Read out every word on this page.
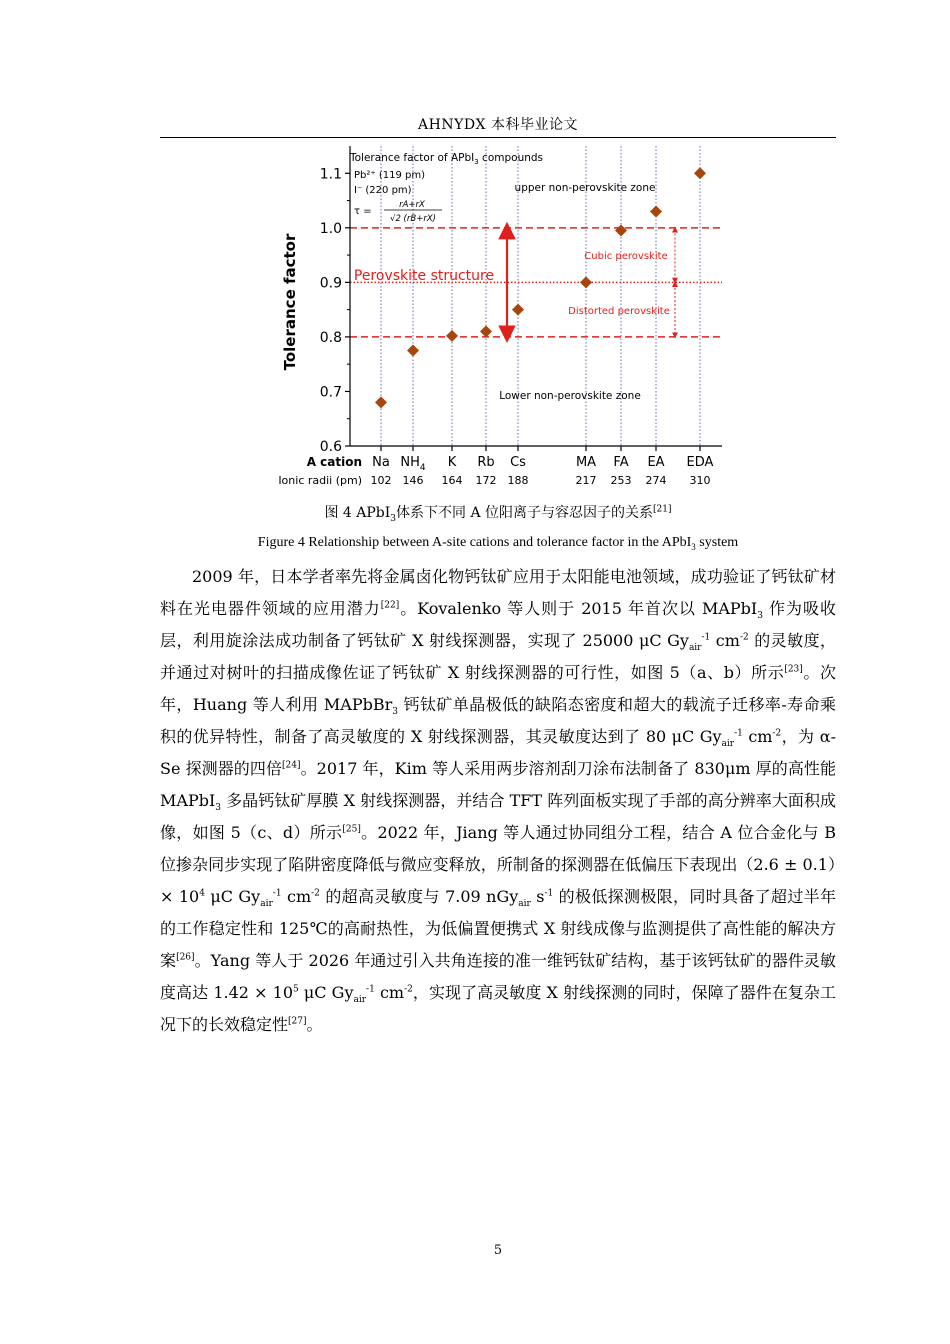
AHNYDX 本科毕业论文
0.6
0.7
0.8
0.9
1.0
1.1
Na
102
$NH_4$
146
K
164
Rb
172
Cs
188
MA
217
FA
253
EA
274
EDA
310
Tolerance factor
A cation
Ionic radii (pm)
Tolerance factor of APbI$_3$ compounds
Pb²⁺ (119 pm)
I⁻ (220 pm)
τ =
rA+rX
√2 (rB+rX)
upper non-perovskite zone
Lower non-perovskite zone
Perovskite structure
Cubic perovskite
Distorted perovskite
图 4 APbI$_3$体系下不同 A 位阳离子与容忍因子的关系[21]
Figure 4 Relationship between A-site cations and tolerance factor in the APbI$_3$ system

2009 年，日本学者率先将金属卤化物钙钛矿应用于太阳能电池领域，成功验证了钙钛矿材料在光电器件领域的应用潜力[22]。Kovalenko 等人则于 2015 年首次以 MAPbI$_3$ 作为吸收层，利用旋涂法成功制备了钙钛矿 X 射线探测器，实现了 25000 μC $Gy_{air}^{-1}$ $cm^{-2}$ 的灵敏度，并通过对树叶的扫描成像佐证了钙钛矿 X 射线探测器的可行性，如图 5（a、b）所示[23]。次年，Huang 等人利用 MAPbBr$_3$ 钙钛矿单晶极低的缺陷态密度和超大的载流子迁移率-寿命乘积的优异特性，制备了高灵敏度的 X 射线探测器，其灵敏度达到了 80 μC $Gy_{air}^{-1}$ $cm^{-2}$，为 α-Se 探测器的四倍[24]。2017 年，Kim 等人采用两步溶剂刮刀涂布法制备了 830μm 厚的高性能 MAPbI$_3$ 多晶钙钛矿厚膜 X 射线探测器，并结合 TFT 阵列面板实现了手部的高分辨率大面积成像，如图 5（c、d）所示[25]。2022 年，Jiang 等人通过协同组分工程，结合 A 位合金化与 B 位掺杂同步实现了陷阱密度降低与微应变释放，所制备的探测器在低偏压下表现出$(2.6 \pm 0.1)\times 10^4$ μC $Gy_{air}^{-1}$ $cm^{-2}$ 的超高灵敏度与 7.09 nGy$_{air}$ $s^{-1}$ 的极低探测极限，同时具备了超过半年的工作稳定性和 125℃的高耐热性，为低偏置便携式 X 射线成像与监测提供了高性能的解决方案[26]。Yang 等人于 2026 年通过引入共角连接的准一维钙钛矿结构，基于该钙钛矿的器件灵敏度高达 $1.42 \times 10^5$ μC $Gy_{air}^{-1}$ $cm^{-2}$，实现了高灵敏度 X 射线探测的同时，保障了器件在复杂工况下的长效稳定性[27]。

5
